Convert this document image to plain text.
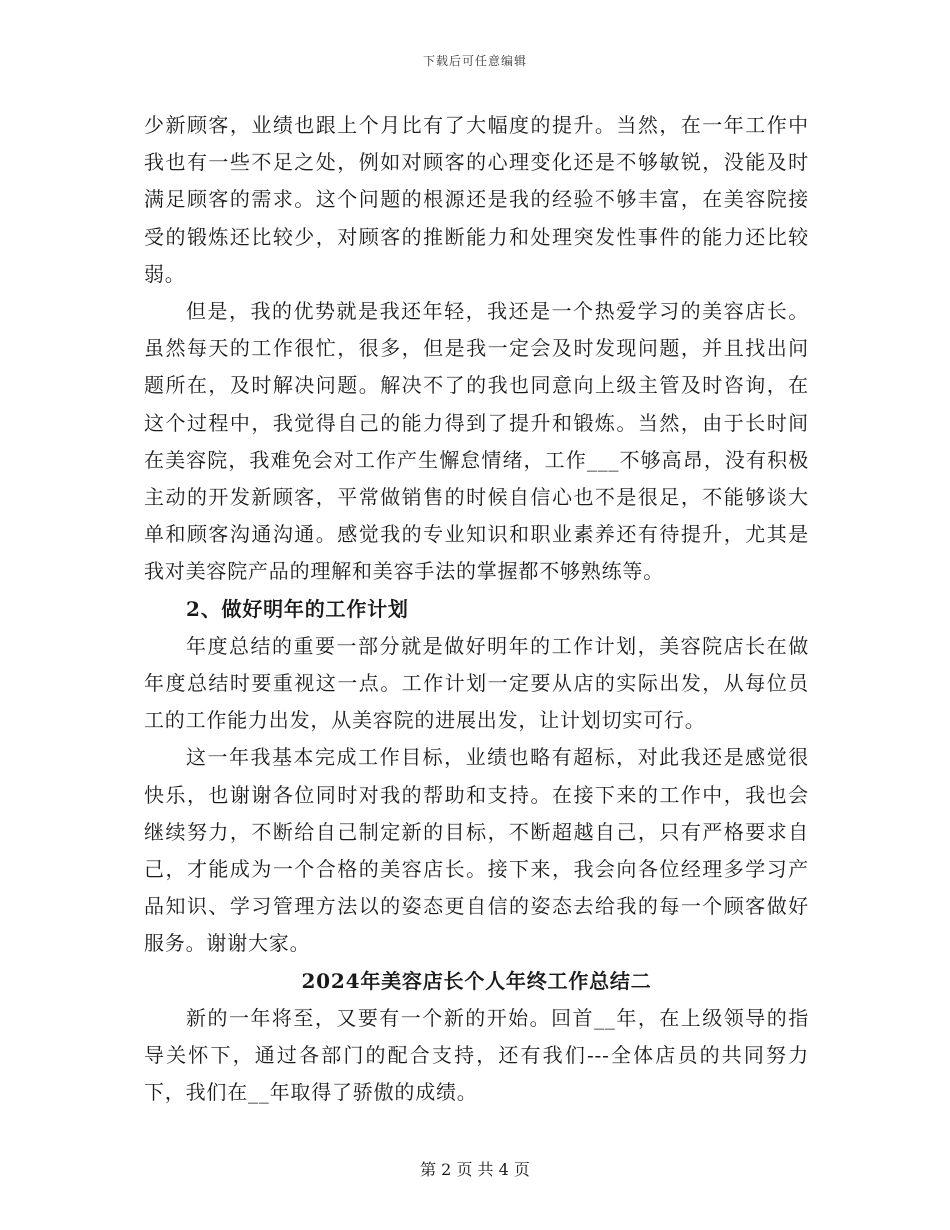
下载后可任意编辑

少新顾客，业绩也跟上个月比有了大幅度的提升。当然，在一年工作中我也有一些不足之处，例如对顾客的心理变化还是不够敏锐，没能及时满足顾客的需求。这个问题的根源还是我的经验不够丰富，在美容院接受的锻炼还比较少，对顾客的推断能力和处理突发性事件的能力还比较弱。

但是，我的优势就是我还年轻，我还是一个热爱学习的美容店长。虽然每天的工作很忙，很多，但是我一定会及时发现问题，并且找出问题所在，及时解决问题。解决不了的我也同意向上级主管及时咨询，在这个过程中，我觉得自己的能力得到了提升和锻炼。当然，由于长时间在美容院，我难免会对工作产生懈怠情绪，工作___不够高昂，没有积极主动的开发新顾客，平常做销售的时候自信心也不是很足，不能够谈大单和顾客沟通沟通。感觉我的专业知识和职业素养还有待提升，尤其是我对美容院产品的理解和美容手法的掌握都不够熟练等。

2、做好明年的工作计划

年度总结的重要一部分就是做好明年的工作计划，美容院店长在做年度总结时要重视这一点。工作计划一定要从店的实际出发，从每位员工的工作能力出发，从美容院的进展出发，让计划切实可行。

这一年我基本完成工作目标，业绩也略有超标，对此我还是感觉很快乐，也谢谢各位同时对我的帮助和支持。在接下来的工作中，我也会继续努力，不断给自己制定新的目标，不断超越自己，只有严格要求自己，才能成为一个合格的美容店长。接下来，我会向各位经理多学习产品知识、学习管理方法以的姿态更自信的姿态去给我的每一个顾客做好服务。谢谢大家。

2024年美容店长个人年终工作总结二

新的一年将至，又要有一个新的开始。回首__年，在上级领导的指导关怀下，通过各部门的配合支持，还有我们---全体店员的共同努力下，我们在__年取得了骄傲的成绩。

第 2 页 共 4 页
